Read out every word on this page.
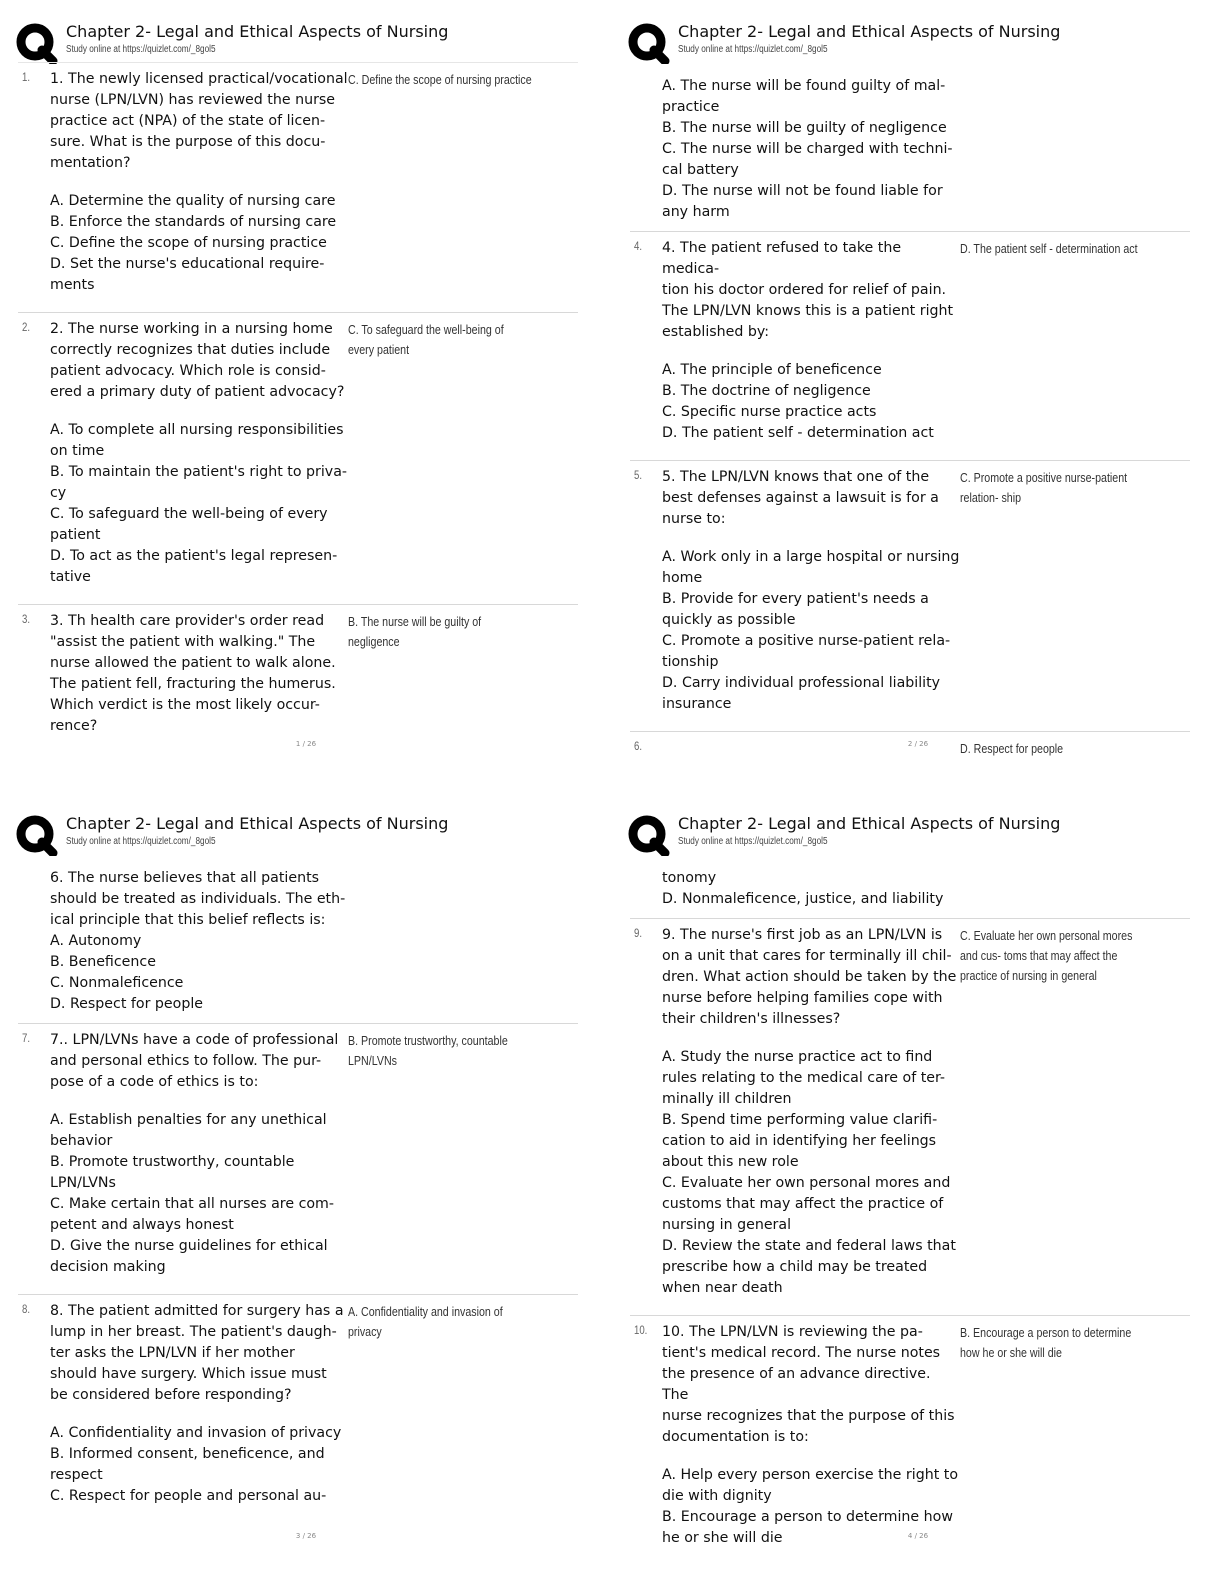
Chapter 2- Legal and Ethical Aspects of Nursing
Study online at https://quizlet.com/_8gol5
1. 1. The newly licensed practical/vocational
nurse (LPN/LVN) has reviewed the nurse
practice act (NPA) of the state of licen-
sure. What is the purpose of this docu-
mentation?
A. Determine the quality of nursing care
B. Enforce the standards of nursing care
C. Define the scope of nursing practice
D. Set the nurse's educational require-
ments
C. Define the scope of nursing practice
2. 2. The nurse working in a nursing home
correctly recognizes that duties include
patient advocacy. Which role is consid-
ered a primary duty of patient advocacy?
A. To complete all nursing responsibilities
on time
B. To maintain the patient's right to priva-
cy
C. To safeguard the well-being of every
patient
D. To act as the patient's legal represen-
tative
C. To safeguard the well-being of every patient
3. 3. Th health care provider's order read
"assist the patient with walking." The
nurse allowed the patient to walk alone.
The patient fell, fracturing the humerus.
Which verdict is the most likely occur-
rence?
B. The nurse will be guilty of negligence
1 / 26
Chapter 2- Legal and Ethical Aspects of Nursing
Study online at https://quizlet.com/_8gol5
A. The nurse will be found guilty of mal-
practice
B. The nurse will be guilty of negligence
C. The nurse will be charged with techni-
cal battery
D. The nurse will not be found liable for
any harm
4. 4. The patient refused to take the medica-
tion his doctor ordered for relief of pain.
The LPN/LVN knows this is a patient right
established by:
A. The principle of beneficence
B. The doctrine of negligence
C. Specific nurse practice acts
D. The patient self - determination act
D. The patient self - determination act
5. 5. The LPN/LVN knows that one of the
best defenses against a lawsuit is for a
nurse to:
A. Work only in a large hospital or nursing
home
B. Provide for every patient's needs a
quickly as possible
C. Promote a positive nurse-patient rela-
tionship
D. Carry individual professional liability
insurance
C. Promote a positive nurse-patient relation- ship
6.	D. Respect for people
2 / 26
Chapter 2- Legal and Ethical Aspects of Nursing
Study online at https://quizlet.com/_8gol5
6. The nurse believes that all patients
should be treated as individuals. The eth-
ical principle that this belief reflects is:
A. Autonomy
B. Beneficence
C. Nonmaleficence
D. Respect for people
7. 7.. LPN/LVNs have a code of professional
and personal ethics to follow. The pur-
pose of a code of ethics is to:
A. Establish penalties for any unethical
behavior
B. Promote trustworthy, countable
LPN/LVNs
C. Make certain that all nurses are com-
petent and always honest
D. Give the nurse guidelines for ethical
decision making
B. Promote trustworthy, countable LPN/LVNs
8. 8. The patient admitted for surgery has a
lump in her breast. The patient's daugh-
ter asks the LPN/LVN if her mother
should have surgery. Which issue must
be considered before responding?
A. Confidentiality and invasion of privacy
B. Informed consent, beneficence, and
respect
C. Respect for people and personal au-
A. Confidentiality and invasion of privacy
3 / 26
Chapter 2- Legal and Ethical Aspects of Nursing
Study online at https://quizlet.com/_8gol5
tonomy
D. Nonmaleficence, justice, and liability
9. 9. The nurse's first job as an LPN/LVN is
on a unit that cares for terminally ill chil-
dren. What action should be taken by the
nurse before helping families cope with
their children's illnesses?
A. Study the nurse practice act to find
rules relating to the medical care of ter-
minally ill children
B. Spend time performing value clarifi-
cation to aid in identifying her feelings
about this new role
C. Evaluate her own personal mores and
customs that may affect the practice of
nursing in general
D. Review the state and federal laws that
prescribe how a child may be treated
when near death
C. Evaluate her own personal mores and cus- toms that may affect the practice of nursing in general
10. 10. The LPN/LVN is reviewing the pa-
tient's medical record. The nurse notes
the presence of an advance directive. The
nurse recognizes that the purpose of this
documentation is to:
A. Help every person exercise the right to
die with dignity
B. Encourage a person to determine how
he or she will die
B. Encourage a person to determine how he or she will die
4 / 26
